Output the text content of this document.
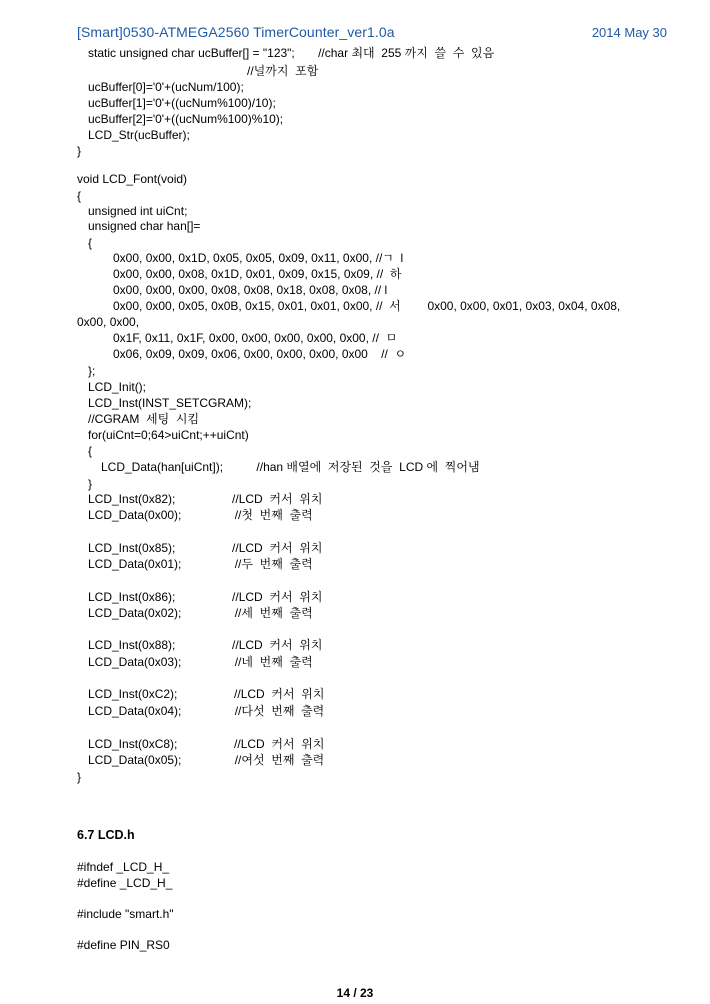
[Smart]0530-ATMEGA2560 TimerCounter_ver1.0a	2014 May 30
static unsigned char ucBuffer[] = "123";       //char 최대  255 까지  쓸  수  있음
//널까지  포함
ucBuffer[0]='0'+(ucNum/100);
ucBuffer[1]='0'+((ucNum%100)/10);
ucBuffer[2]='0'+((ucNum%100)%10);
LCD_Str(ucBuffer);
}
void LCD_Font(void)
{
unsigned int uiCnt;
unsigned char han[]=
{
0x00, 0x00, 0x1D, 0x05, 0x05, 0x09, 0x11, 0x00, //ㄱ  l
0x00, 0x00, 0x08, 0x1D, 0x01, 0x09, 0x15, 0x09, //  하
0x00, 0x00, 0x00, 0x08, 0x08, 0x18, 0x08, 0x08, // l
0x00, 0x00, 0x05, 0x0B, 0x15, 0x01, 0x01, 0x00, //  서        0x00, 0x00, 0x01, 0x03, 0x04, 0x08,
0x00, 0x00,
0x1F, 0x11, 0x1F, 0x00, 0x00, 0x00, 0x00, 0x00, //  ㅁ
0x06, 0x09, 0x09, 0x06, 0x00, 0x00, 0x00, 0x00    //  ㅇ
};
LCD_Init();
LCD_Inst(INST_SETCGRAM);
//CGRAM  세팅  시킴
for(uiCnt=0;64>uiCnt;++uiCnt)
{
LCD_Data(han[uiCnt]);          //han 배열에  저장된  것을  LCD 에  찍어냄
}
LCD_Inst(0x82);                 //LCD  커서  위치
LCD_Data(0x00);                //첫  번째  출력
LCD_Inst(0x85);                 //LCD  커서  위치
LCD_Data(0x01);                //두  번째  출력
LCD_Inst(0x86);                 //LCD  커서  위치
LCD_Data(0x02);                //세  번째  출력
LCD_Inst(0x88);                 //LCD  커서  위치
LCD_Data(0x03);                //네  번째  출력
LCD_Inst(0xC2);                 //LCD  커서  위치
LCD_Data(0x04);                //다섯  번째  출력
LCD_Inst(0xC8);                 //LCD  커서  위치
LCD_Data(0x05);                //여섯  번째  출력
}
6.7 LCD.h
#ifndef _LCD_H_
#define _LCD_H_
#include "smart.h"
#define PIN_RS0
14 / 23
